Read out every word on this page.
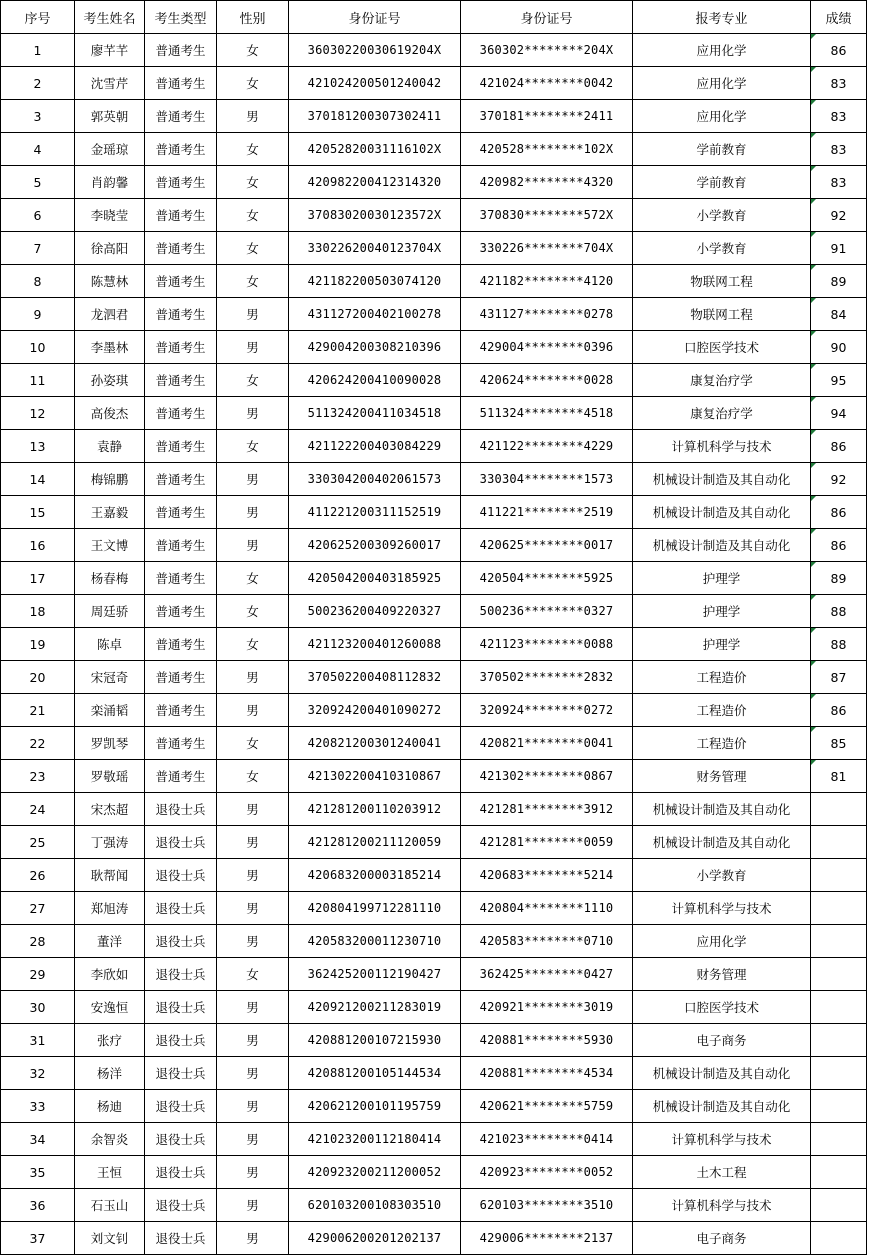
序号	考生姓名	考生类型	性别	身份证号	身份证号	报考专业	成绩
1	廖芊芊	普通考生	女	36030220030619204X	360302********204X	应用化学	86
2	沈雪芹	普通考生	女	421024200501240042	421024********0042	应用化学	83
3	郭英朝	普通考生	男	370181200307302411	370181********2411	应用化学	83
4	金瑶琼	普通考生	女	42052820031116102X	420528********102X	学前教育	83
5	肖韵馨	普通考生	女	420982200412314320	420982********4320	学前教育	83
6	李晓莹	普通考生	女	37083020030123572X	370830********572X	小学教育	92
7	徐高阳	普通考生	女	33022620040123704X	330226********704X	小学教育	91
8	陈慧林	普通考生	女	421182200503074120	421182********4120	物联网工程	89
9	龙泗君	普通考生	男	431127200402100278	431127********0278	物联网工程	84
10	李墨林	普通考生	男	429004200308210396	429004********0396	口腔医学技术	90
11	孙姿琪	普通考生	女	420624200410090028	420624********0028	康复治疗学	95
12	高俊杰	普通考生	男	511324200411034518	511324********4518	康复治疗学	94
13	袁静	普通考生	女	421122200403084229	421122********4229	计算机科学与技术	86
14	梅锦鹏	普通考生	男	330304200402061573	330304********1573	机械设计制造及其自动化	92
15	王嘉毅	普通考生	男	411221200311152519	411221********2519	机械设计制造及其自动化	86
16	王文博	普通考生	男	420625200309260017	420625********0017	机械设计制造及其自动化	86
17	杨春梅	普通考生	女	420504200403185925	420504********5925	护理学	89
18	周廷骄	普通考生	女	500236200409220327	500236********0327	护理学	88
19	陈卓	普通考生	女	421123200401260088	421123********0088	护理学	88
20	宋冠奇	普通考生	男	370502200408112832	370502********2832	工程造价	87
21	栾涌韬	普通考生	男	320924200401090272	320924********0272	工程造价	86
22	罗凯琴	普通考生	女	420821200301240041	420821********0041	工程造价	85
23	罗敬瑶	普通考生	女	421302200410310867	421302********0867	财务管理	81
24	宋杰超	退役士兵	男	421281200110203912	421281********3912	机械设计制造及其自动化	
25	丁强涛	退役士兵	男	421281200211120059	421281********0059	机械设计制造及其自动化	
26	耿帮闻	退役士兵	男	420683200003185214	420683********5214	小学教育	
27	郑旭涛	退役士兵	男	420804199712281110	420804********1110	计算机科学与技术	
28	董洋	退役士兵	男	420583200011230710	420583********0710	应用化学	
29	李欣如	退役士兵	女	362425200112190427	362425********0427	财务管理	
30	安逸恒	退役士兵	男	420921200211283019	420921********3019	口腔医学技术	
31	张疗	退役士兵	男	420881200107215930	420881********5930	电子商务	
32	杨洋	退役士兵	男	420881200105144534	420881********4534	机械设计制造及其自动化	
33	杨迪	退役士兵	男	420621200101195759	420621********5759	机械设计制造及其自动化	
34	余智炎	退役士兵	男	421023200112180414	421023********0414	计算机科学与技术	
35	王恒	退役士兵	男	420923200211200052	420923********0052	土木工程	
36	石玉山	退役士兵	男	620103200108303510	620103********3510	计算机科学与技术	
37	刘文钊	退役士兵	男	429006200201202137	429006********2137	电子商务	
